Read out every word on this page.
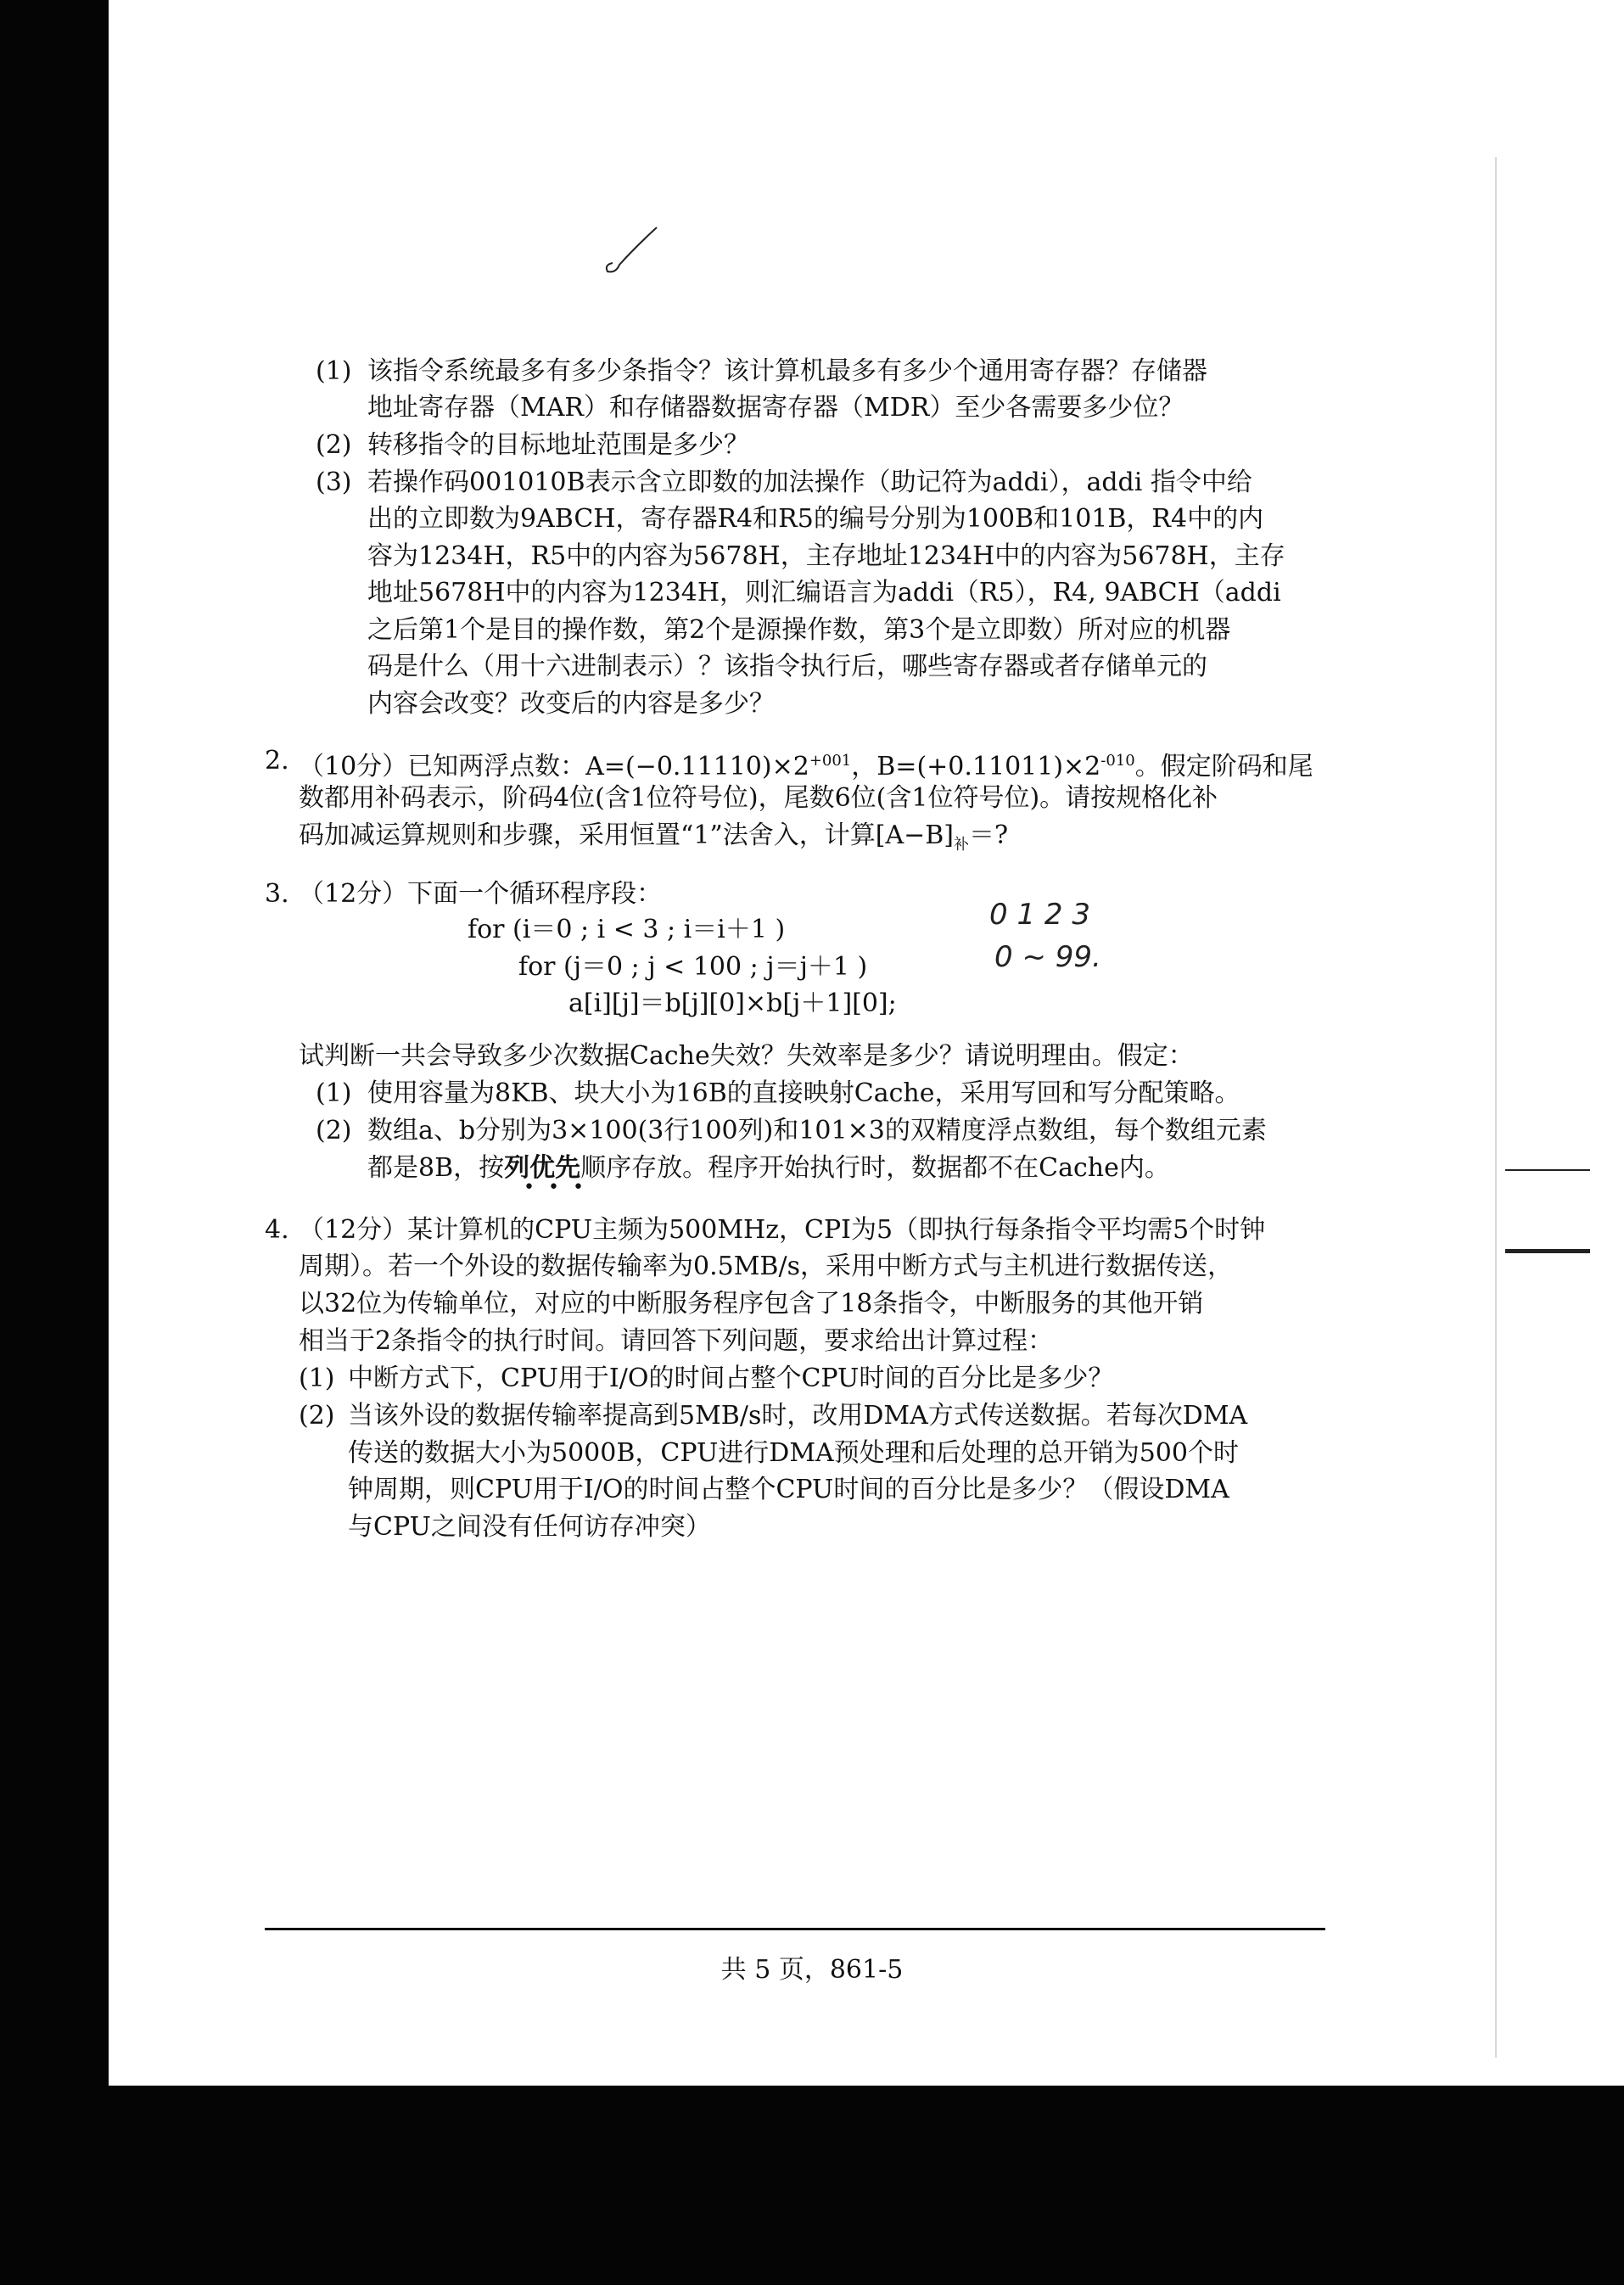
(1) 该指令系统最多有多少条指令？该计算机最多有多少个通用寄存器？存储器
地址寄存器（MAR）和存储器数据寄存器（MDR）至少各需要多少位？
(2) 转移指令的目标地址范围是多少？
(3) 若操作码001010B表示含立即数的加法操作（助记符为addi），addi 指令中给
出的立即数为9ABCH，寄存器R4和R5的编号分别为100B和101B，R4中的内
容为1234H，R5中的内容为5678H，主存地址1234H中的内容为5678H，主存
地址5678H中的内容为1234H，则汇编语言为addi（R5），R4, 9ABCH（addi
之后第1个是目的操作数，第2个是源操作数，第3个是立即数）所对应的机器
码是什么（用十六进制表示）？该指令执行后，哪些寄存器或者存储单元的
内容会改变？改变后的内容是多少？
2. （10分）已知两浮点数：$A=(-0.11110)\times 2^{+001}$，$B=(+0.11011)\times 2^{-010}$。假定阶码和尾
数都用补码表示，阶码4位(含1位符号位)，尾数6位(含1位符号位)。请按规格化补
码加减运算规则和步骤，采用恒置“1”法舍入，计算$[A-B]_补=$?
3. （12分）下面一个循环程序段：
for (i＝0 ; i < 3 ; i＝i＋1 )
for (j＝0 ; j < 100 ; j＝j＋1 )
a[i][j]＝b[j][0]×b[j＋1][0];
0 1 2 3
0 ~ 99.
试判断一共会导致多少次数据Cache失效？失效率是多少？请说明理由。假定：
(1) 使用容量为8KB、块大小为16B的直接映射Cache，采用写回和写分配策略。
(2) 数组a、b分别为3×100(3行100列)和101×3的双精度浮点数组，每个数组元素
都是8B，按列优先顺序存放。程序开始执行时，数据都不在Cache内。
•••
4. （12分）某计算机的CPU主频为500MHz，CPI为5（即执行每条指令平均需5个时钟
周期）。若一个外设的数据传输率为0.5MB/s，采用中断方式与主机进行数据传送，
以32位为传输单位，对应的中断服务程序包含了18条指令，中断服务的其他开销
相当于2条指令的执行时间。请回答下列问题，要求给出计算过程：
(1) 中断方式下，CPU用于I/O的时间占整个CPU时间的百分比是多少？
(2) 当该外设的数据传输率提高到5MB/s时，改用DMA方式传送数据。若每次DMA
传送的数据大小为5000B，CPU进行DMA预处理和后处理的总开销为500个时
钟周期，则CPU用于I/O的时间占整个CPU时间的百分比是多少？（假设DMA
与CPU之间没有任何访存冲突）
共 5 页，861-5
